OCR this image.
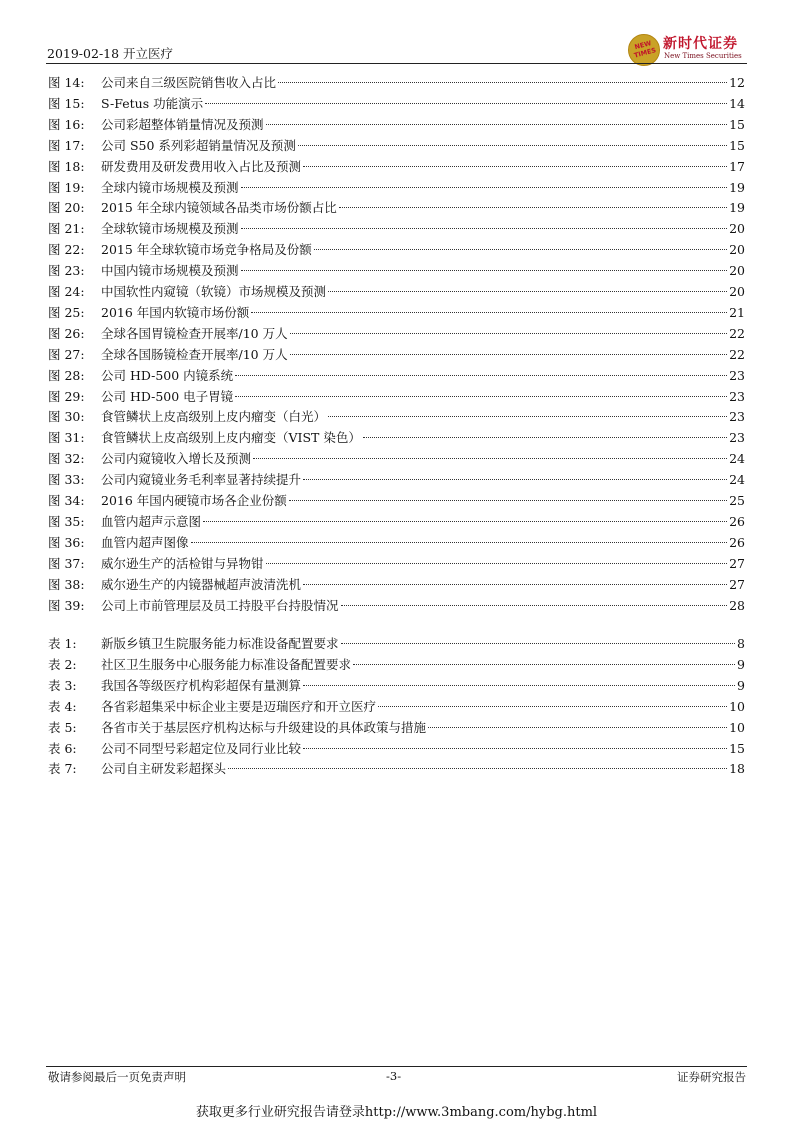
2019-02-18 开立医疗
NEW TIMES
新时代证券
New Times Securities
图 14:	公司来自三级医院销售收入占比	12
图 15:	S-Fetus 功能演示	14
图 16:	公司彩超整体销量情况及预测	15
图 17:	公司 S50 系列彩超销量情况及预测	15
图 18:	研发费用及研发费用收入占比及预测	17
图 19:	全球内镜市场规模及预测	19
图 20:	2015 年全球内镜领域各品类市场份额占比	19
图 21:	全球软镜市场规模及预测	20
图 22:	2015 年全球软镜市场竞争格局及份额	20
图 23:	中国内镜市场规模及预测	20
图 24:	中国软性内窥镜（软镜）市场规模及预测	20
图 25:	2016 年国内软镜市场份额	21
图 26:	全球各国胃镜检查开展率/10 万人	22
图 27:	全球各国肠镜检查开展率/10 万人	22
图 28:	公司 HD-500 内镜系统	23
图 29:	公司 HD-500 电子胃镜	23
图 30:	食管鳞状上皮高级别上皮内瘤变（白光）	23
图 31:	食管鳞状上皮高级别上皮内瘤变（VIST 染色）	23
图 32:	公司内窥镜收入增长及预测	24
图 33:	公司内窥镜业务毛利率显著持续提升	24
图 34:	2016 年国内硬镜市场各企业份额	25
图 35:	血管内超声示意图	26
图 36:	血管内超声图像	26
图 37:	威尔逊生产的活检钳与异物钳	27
图 38:	威尔逊生产的内镜器械超声波清洗机	27
图 39:	公司上市前管理层及员工持股平台持股情况	28
表 1:	新版乡镇卫生院服务能力标准设备配置要求	8
表 2:	社区卫生服务中心服务能力标准设备配置要求	9
表 3:	我国各等级医疗机构彩超保有量测算	9
表 4:	各省彩超集采中标企业主要是迈瑞医疗和开立医疗	10
表 5:	各省市关于基层医疗机构达标与升级建设的具体政策与措施	10
表 6:	公司不同型号彩超定位及同行业比较	15
表 7:	公司自主研发彩超探头	18
敬请参阅最后一页免责声明	-3-	证券研究报告
获取更多行业研究报告请登录http://www.3mbang.com/hybg.html
